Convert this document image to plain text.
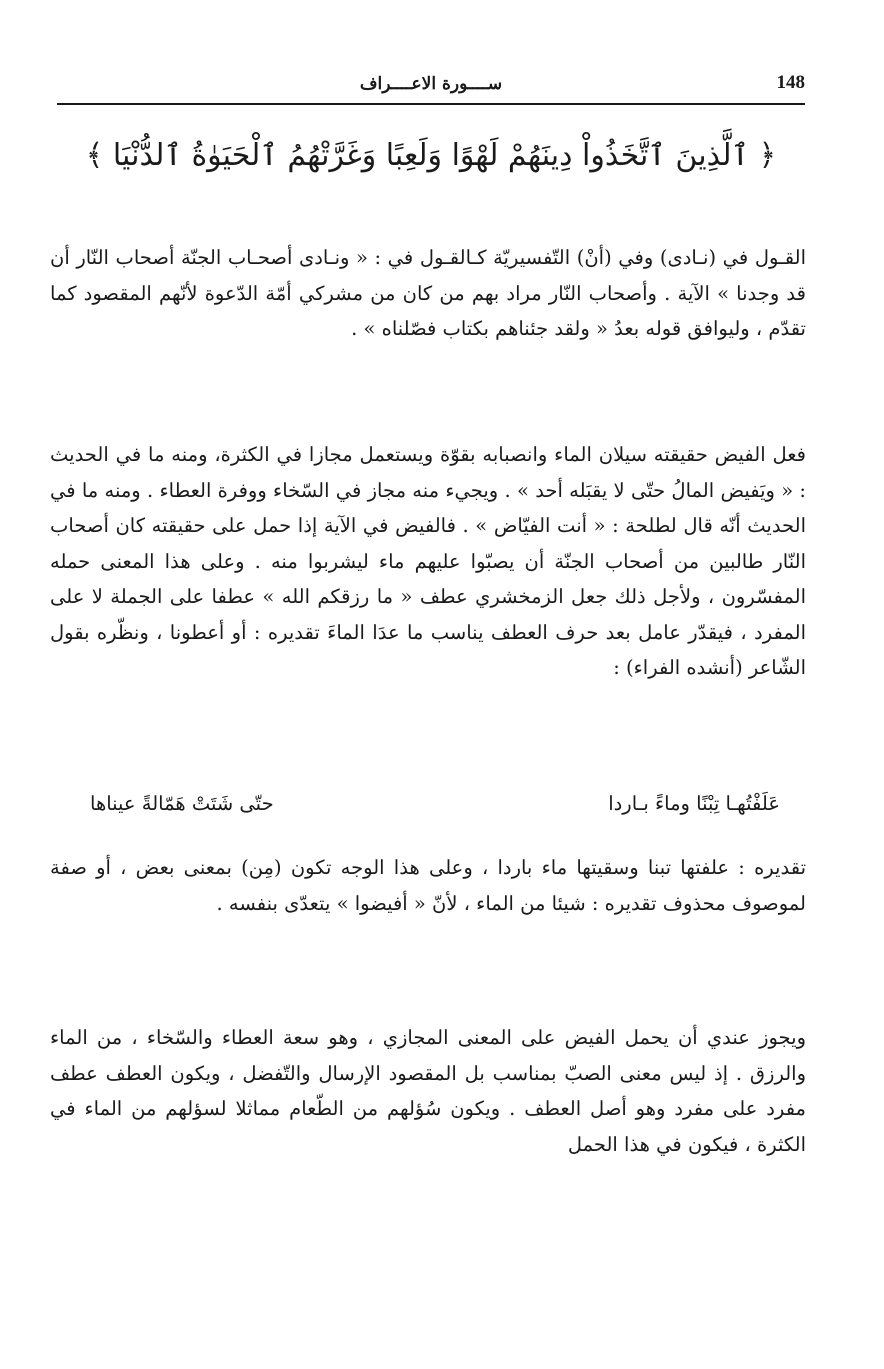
ســــورة الاعــــراف	148
﴿ ٱلَّذِينَ ٱتَّخَذُواْ دِينَهُمْ لَهْوًا وَلَعِبًا وَغَرَّتْهُمُ ٱلْحَيَوٰةُ ٱلدُّنْيَا ﴾

القـول في (نـادى) وفي (أنْ) التّفسيريّة كـالقـول في : « ونـادى أصحـاب الجنّة أصحاب النّار أن قد وجدنا » الآية . وأصحاب النّار مراد بهم من كان من مشركي أمّة الدّعوة لأنّهم المقصود كما تقدّم ، وليوافق قوله بعدُ « ولقد جئناهم بكتاب فصّلناه » .

فعل الفيض حقيقته سيلان الماء وانصبابه بقوّة ويستعمل مجازا في الكثرة، ومنه ما في الحديث : « ويَفيض المالُ حتّى لا يقبَله أحد » . ويجيء منه مجاز في السّخاء ووفرة العطاء . ومنه ما في الحديث أنّه قال لطلحة : « أنت الفيّاض » . فالفيض في الآية إذا حمل على حقيقته كان أصحاب النّار طالبين من أصحاب الجنّة أن يصبّوا عليهم ماء ليشربوا منه . وعلى هذا المعنى حمله المفسّرون ، ولأجل ذلك جعل الزمخشري عطف « ما رزقكم الله » عطفا على الجملة لا على المفرد ، فيقدّر عامل بعد حرف العطف يناسب ما عدَا الماءَ تقديره : أو أعطونا ، ونظّره بقول الشّاعر (أنشده الفراء) :

عَلَفْتُهـا تِبْنًا وماءً بـاردا
حتّى شَتَتْ هَمّالةً عيناها

تقديره : علفتها تبنا وسقيتها ماء باردا ، وعلى هذا الوجه تكون (مِن) بمعنى بعض ، أو صفة لموصوف محذوف تقديره : شيئا من الماء ، لأنّ « أفيضوا » يتعدّى بنفسه .

ويجوز عندي أن يحمل الفيض على المعنى المجازي ، وهو سعة العطاء والسّخاء ، من الماء والرزق . إذ ليس معنى الصبّ بمناسب بل المقصود الإرسال والتّفضل ، ويكون العطف عطف مفرد على مفرد وهو أصل العطف . ويكون سُؤلهم من الطّعام مماثلا لسؤلهم من الماء في الكثرة ، فيكون في هذا الحمل
